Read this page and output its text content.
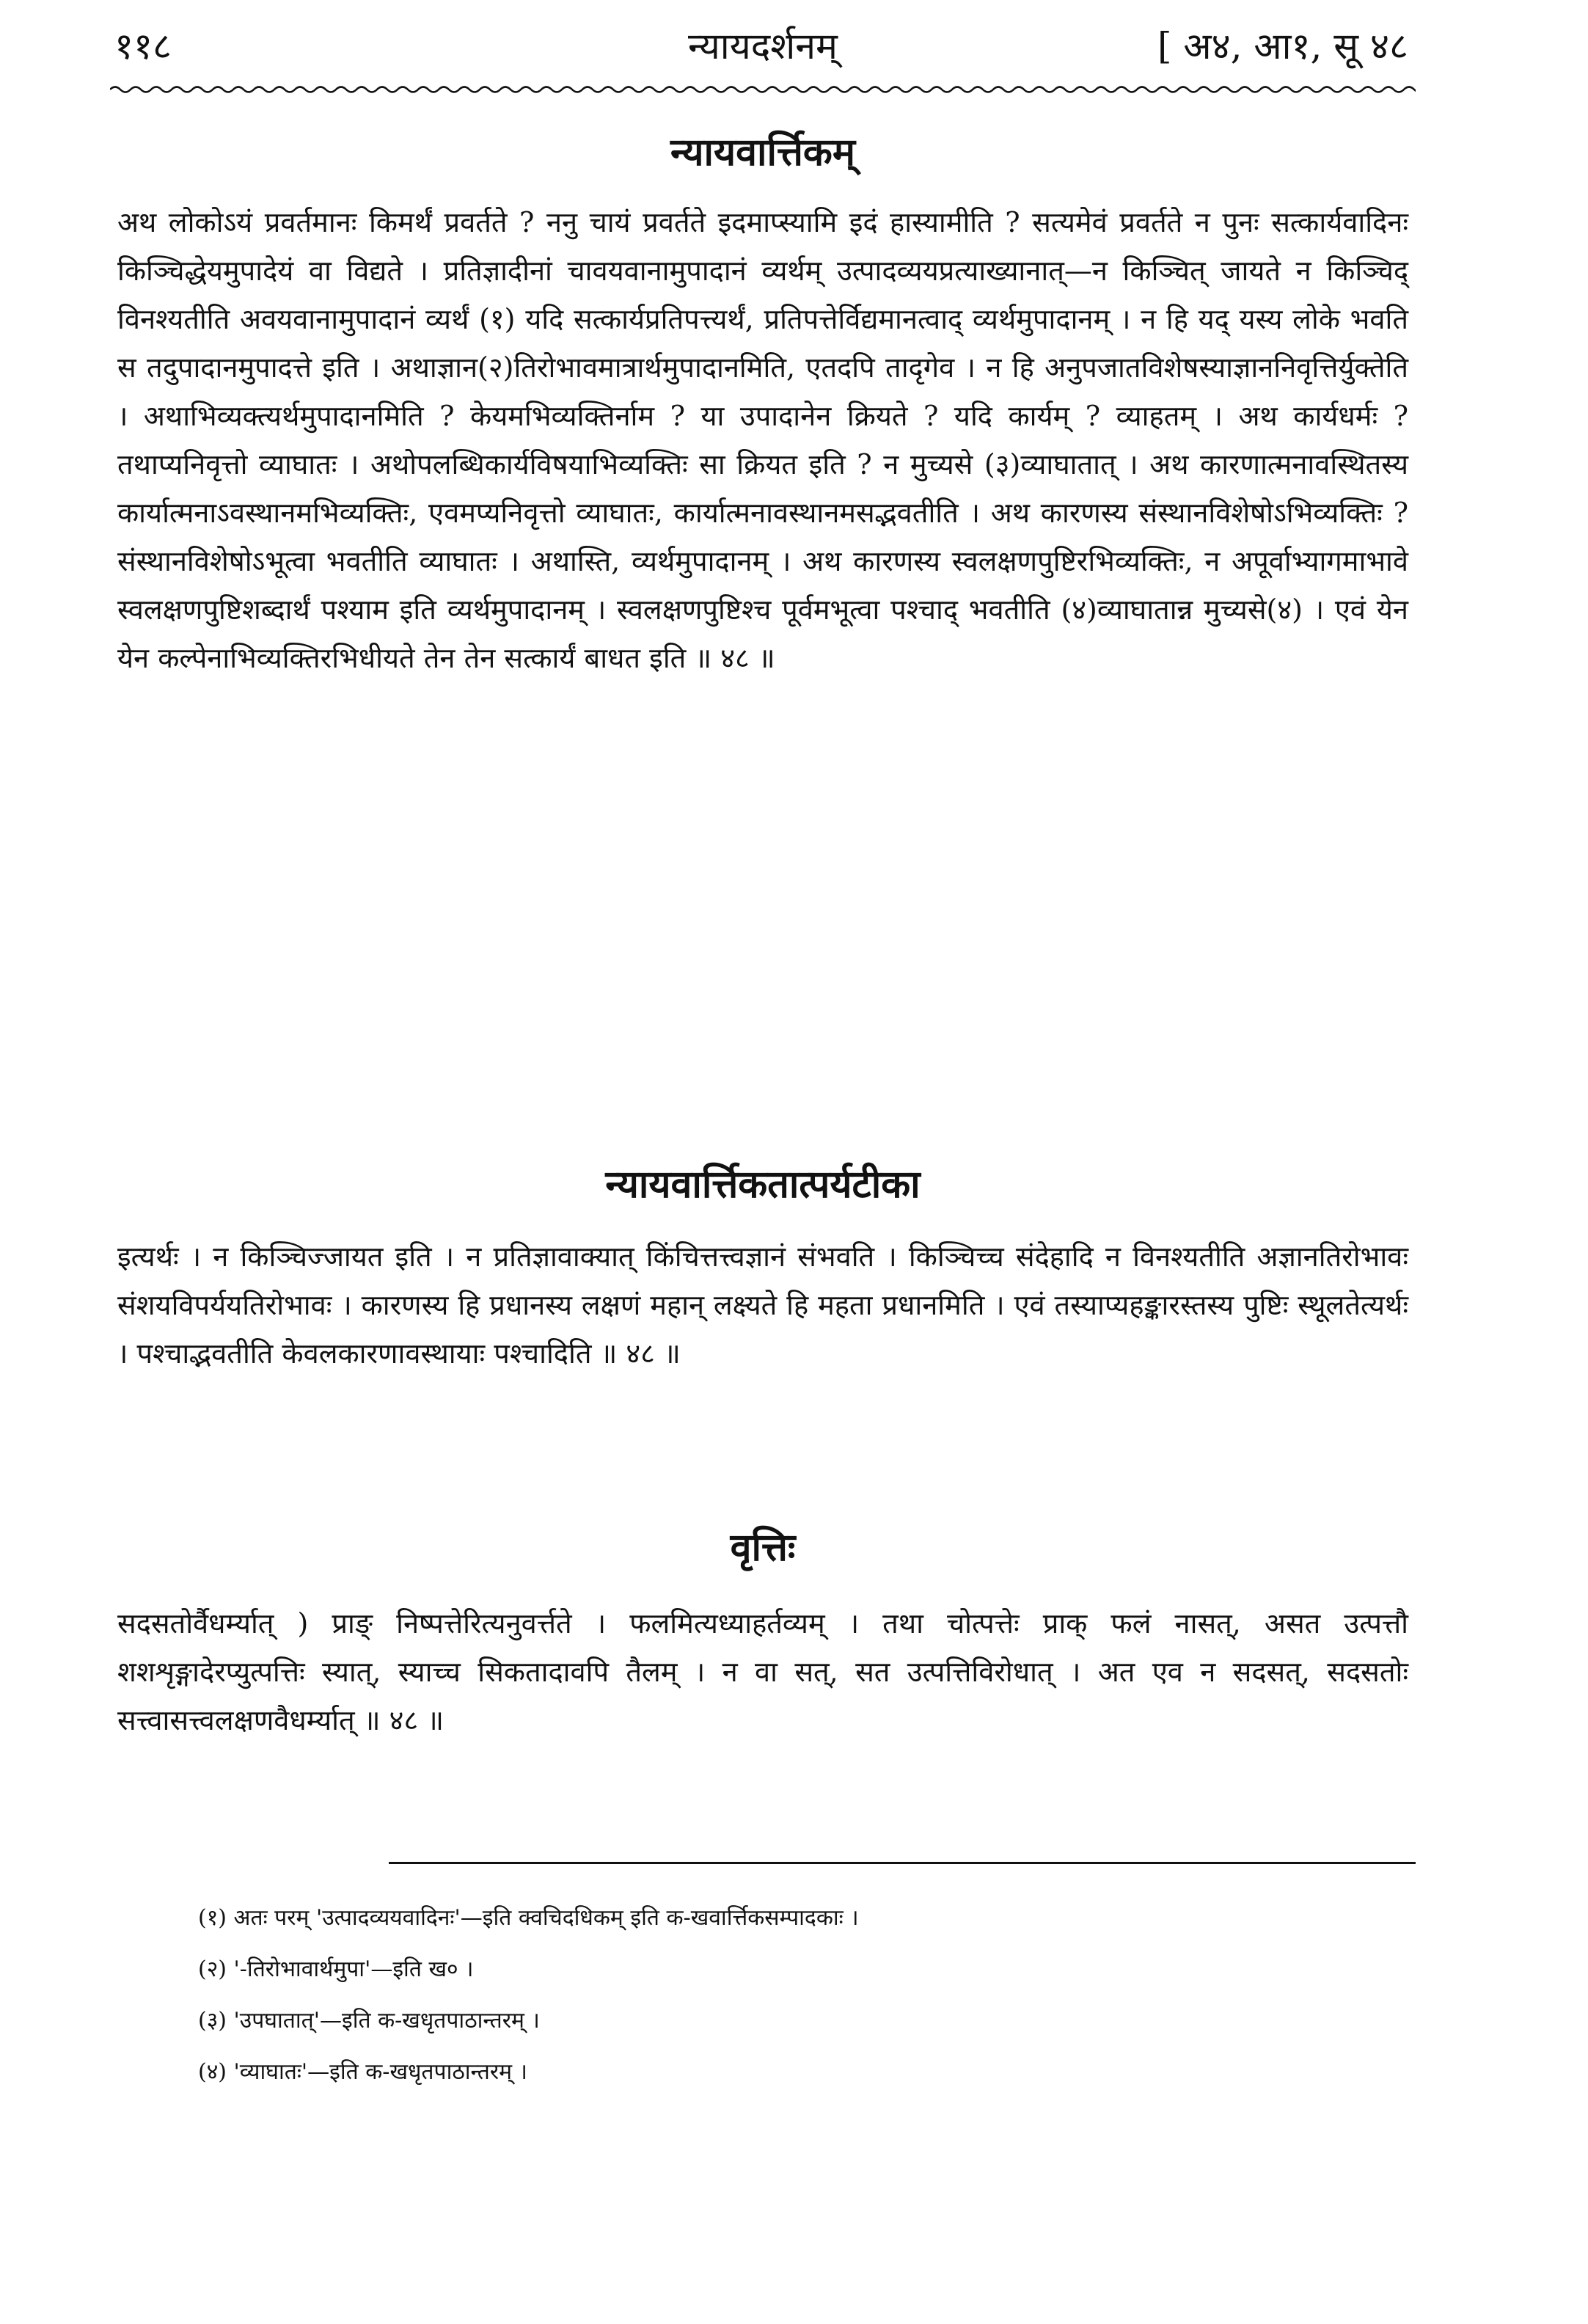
११८	न्यायदर्शनम्	[ अ४, आ१, सू ४८
न्यायवार्त्तिकम्
अथ लोकोऽयं प्रवर्तमानः किमर्थं प्रवर्तते ? ननु चायं प्रवर्तते इदमाप्स्यामि इदं हास्यामीति ? सत्यमेवं प्रवर्तते न पुनः सत्कार्यवादिनः किञ्चिद्धेयमुपादेयं वा विद्यते । प्रतिज्ञादीनां चावयवानामुपादानं व्यर्थम् उत्पादव्ययप्रत्याख्यानात्—न किञ्चित् जायते न किञ्चिद् विनश्यतीति अवयवानामुपादानं व्यर्थं (१) यदि सत्कार्यप्रतिपत्त्यर्थं, प्रतिपत्तेर्विद्यमानत्वाद् व्यर्थमुपादानम् । न हि यद् यस्य लोके भवति स तदुपादानमुपादत्ते इति । अथाज्ञान(२)तिरोभावमात्रार्थमुपादानमिति, एतदपि तादृगेव । न हि अनुपजातविशेषस्याज्ञाननिवृत्तिर्युक्तेति । अथाभिव्यक्त्यर्थमुपादानमिति ? केयमभिव्यक्तिर्नाम ? या उपादानेन क्रियते ? यदि कार्यम् ? व्याहतम् । अथ कार्यधर्मः ? तथाप्यनिवृत्तो व्याघातः । अथोपलब्धिकार्यविषयाभिव्यक्तिः सा क्रियत इति ? न मुच्यसे (३)व्याघातात् । अथ कारणात्मनावस्थितस्य कार्यात्मनाऽवस्थानमभिव्यक्तिः, एवमप्यनिवृत्तो व्याघातः, कार्यात्मनावस्थानमसद्भवतीति । अथ कारणस्य संस्थानविशेषोऽभिव्यक्तिः ? संस्थानविशेषोऽभूत्वा भवतीति व्याघातः । अथास्ति, व्यर्थमुपादानम् । अथ कारणस्य स्वलक्षणपुष्टिरभिव्यक्तिः, न अपूर्वाभ्यागमाभावे स्वलक्षणपुष्टिशब्दार्थं पश्याम इति व्यर्थमुपादानम् । स्वलक्षणपुष्टिश्च पूर्वमभूत्वा पश्चाद् भवतीति (४)व्याघातान्न मुच्यसे(४) । एवं येन येन कल्पेनाभिव्यक्तिरभिधीयते तेन तेन सत्कार्यं बाधत इति ॥ ४८ ॥
न्यायवार्त्तिकतात्पर्यटीका
इत्यर्थः । न किञ्चिज्जायत इति । न प्रतिज्ञावाक्यात् किंचित्तत्त्वज्ञानं संभवति । किञ्चिच्च संदेहादि न विनश्यतीति अज्ञानतिरोभावः संशयविपर्ययतिरोभावः । कारणस्य हि प्रधानस्य लक्षणं महान् लक्ष्यते हि महता प्रधानमिति । एवं तस्याप्यहङ्कारस्तस्य पुष्टिः स्थूलतेत्यर्थः । पश्चाद्भवतीति केवलकारणावस्थायाः पश्चादिति ॥ ४८ ॥
वृत्तिः
सदसतोर्वैधर्म्यात् ) प्राङ् निष्पत्तेरित्यनुवर्त्तते । फलमित्यध्याहर्तव्यम् । तथा चोत्पत्तेः प्राक् फलं नासत्, असत उत्पत्तौ शशशृङ्गादेरप्युत्पत्तिः स्यात्, स्याच्च सिकतादावपि तैलम् । न वा सत्, सत उत्पत्तिविरोधात् । अत एव न सदसत्, सदसतोः सत्त्वासत्त्वलक्षणवैधर्म्यात् ॥ ४८ ॥
(१) अतः परम् 'उत्पादव्ययवादिनः'—इति क्वचिदधिकम् इति क-खवार्त्तिकसम्पादकाः ।
(२) '-तिरोभावार्थमुपा'—इति ख० ।
(३) 'उपघातात्'—इति क-खधृतपाठान्तरम् ।
(४) 'व्याघातः'—इति क-खधृतपाठान्तरम् ।
